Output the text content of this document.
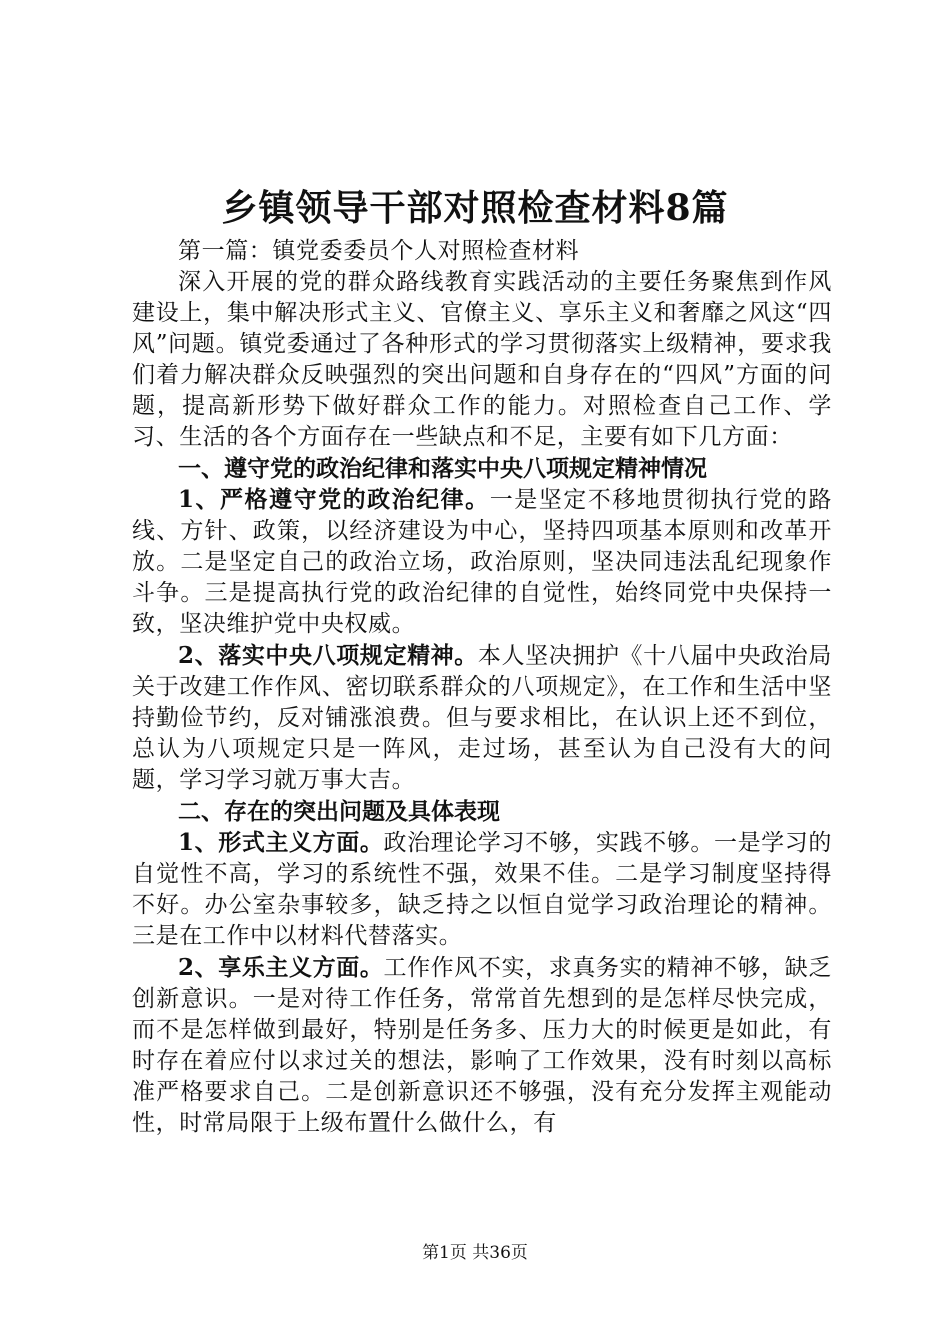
乡镇领导干部对照检查材料8篇

第一篇：镇党委委员个人对照检查材料

深入开展的党的群众路线教育实践活动的主要任务聚焦到作风建设上，集中解决形式主义、官僚主义、享乐主义和奢靡之风这“四风”问题。镇党委通过了各种形式的学习贯彻落实上级精神，要求我们着力解决群众反映强烈的突出问题和自身存在的“四风”方面的问题，提高新形势下做好群众工作的能力。对照检查自己工作、学习、生活的各个方面存在一些缺点和不足，主要有如下几方面：

一、遵守党的政治纪律和落实中央八项规定精神情况

1、严格遵守党的政治纪律。一是坚定不移地贯彻执行党的路线、方针、政策，以经济建设为中心，坚持四项基本原则和改革开放。二是坚定自己的政治立场，政治原则，坚决同违法乱纪现象作斗争。三是提高执行党的政治纪律的自觉性，始终同党中央保持一致，坚决维护党中央权威。

2、落实中央八项规定精神。本人坚决拥护《十八届中央政治局关于改建工作作风、密切联系群众的八项规定》，在工作和生活中坚持勤俭节约，反对铺涨浪费。但与要求相比，在认识上还不到位，总认为八项规定只是一阵风，走过场，甚至认为自己没有大的问题，学习学习就万事大吉。

二、存在的突出问题及具体表现

1、形式主义方面。政治理论学习不够，实践不够。一是学习的自觉性不高，学习的系统性不强，效果不佳。二是学习制度坚持得不好。办公室杂事较多，缺乏持之以恒自觉学习政治理论的精神。三是在工作中以材料代替落实。

2、享乐主义方面。工作作风不实，求真务实的精神不够，缺乏创新意识。一是对待工作任务，常常首先想到的是怎样尽快完成，而不是怎样做到最好，特别是任务多、压力大的时候更是如此，有时存在着应付以求过关的想法，影响了工作效果，没有时刻以高标准严格要求自己。二是创新意识还不够强，没有充分发挥主观能动性，时常局限于上级布置什么做什么，有

第1页 共36页
